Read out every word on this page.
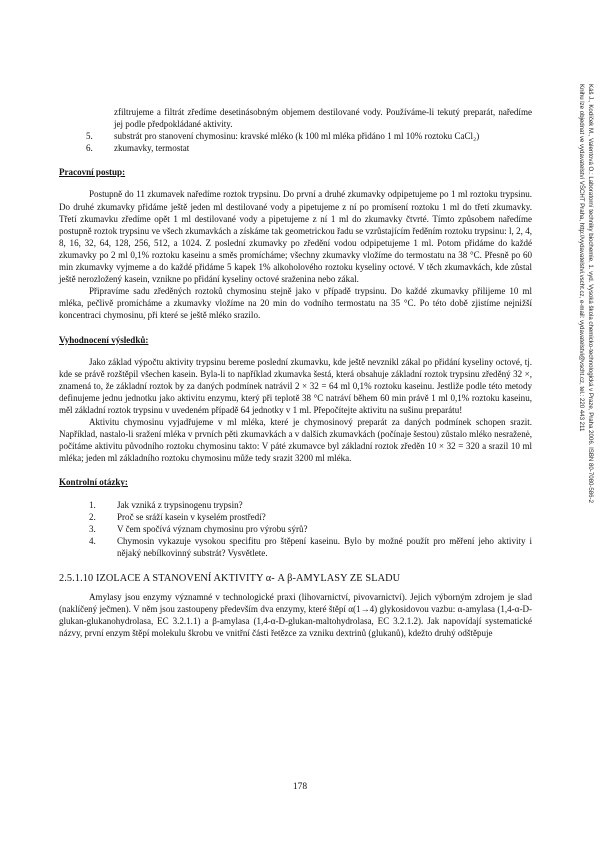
zfiltrujeme a filtrát zředíme desetinásobným objemem destilované vody. Používáme-li tekutý preparát, naředíme jej podle předpokládané aktivity.

5.	substrát pro stanovení chymosinu: kravské mléko (k 100 ml mléka přidáno 1 ml 10% roztoku CaCl₂)
6.	zkumavky, termostat
Pracovní postup:

Postupně do 11 zkumavek naředíme roztok trypsinu. Do první a druhé zkumavky odpipetujeme po 1 ml roztoku trypsinu. Do druhé zkumavky přidáme ještě jeden ml destilované vody a pipetujeme z ní po promísení roztoku 1 ml do třetí zkumavky. Třetí zkumavku zředíme opět 1 ml destilované vody a pipetujeme z ní 1 ml do zkumavky čtvrté. Tímto způsobem naředíme postupně roztok trypsinu ve všech zkumavkách a získáme tak geometrickou řadu se vzrůstajícím ředěním roztoku trypsinu: l, 2, 4, 8, 16, 32, 64, 128, 256, 512, a 1024. Z poslední zkumavky po zředění vodou odpipetujeme 1 ml. Potom přidáme do každé zkumavky po 2 ml 0,1% roztoku kaseinu a směs promícháme; všechny zkumavky vložíme do termostatu na 38 °C. Přesně po 60 min zkumavky vyjmeme a do každé přidáme 5 kapek 1% alkoholového roztoku kyseliny octové. V těch zkumavkách, kde zůstal ještě nerozložený kasein, vznikne po přidání kyseliny octové sraženina nebo zákal.

Připravíme sadu zředěných roztoků chymosinu stejně jako v případě trypsinu. Do každé zkumavky přilijeme 10 ml mléka, pečlivě promícháme a zkumavky vložíme na 20 min do vodního termostatu na 35 °C. Po této době zjistíme nejnižší koncentraci chymosinu, při které se ještě mléko srazilo.

Vyhodnocení výsledků:

Jako základ výpočtu aktivity trypsinu bereme poslední zkumavku, kde ještě nevznikl zákal po přidání kyseliny octové, tj. kde se právě rozštěpil všechen kasein. Byla-li to například zkumavka šestá, která obsahuje základní roztok trypsinu zředěný 32 ×, znamená to, že základní roztok by za daných podmínek natrávil 2 × 32 = 64 ml 0,1% roztoku kaseinu. Jestliže podle této metody definujeme jednu jednotku jako aktivitu enzymu, který při teplotě 38 °C natráví během 60 min právě 1 ml 0,1% roztoku kaseinu, měl základní roztok trypsinu v uvedeném případě 64 jednotky v 1 ml. Přepočítejte aktivitu na sušinu preparátu!

Aktivitu chymosinu vyjadřujeme v ml mléka, které je chymosinový preparát za daných podmínek schopen srazit. Například, nastalo-li sražení mléka v prvních pěti zkumavkách a v dalších zkumavkách (počínaje šestou) zůstalo mléko nesraženė, počítáme aktivitu původního roztoku chymosinu takto: V páté zkumavce byl základní roztok zředěn 10 × 32 = 320 a srazil 10 ml mléka; jeden ml základního roztoku chymosinu může tedy srazit 3200 ml mléka.

Kontrolní otázky:
1.	Jak vzniká z trypsinogenu trypsin?
2.	Proč se sráží kasein v kyselém prostředí?
3.	V čem spočívá význam chymosinu pro výrobu sýrů?
4.	Chymosin vykazuje vysokou specifitu pro štěpení kaseinu. Bylo by možné použít pro měření jeho aktivity i nějaký nebílkovinný substrát? Vysvětlete.
2.5.1.10 IZOLACE A STANOVENÍ AKTIVITY α- A β-AMYLASY ZE SLADU

Amylasy jsou enzymy významné v technologické praxi (lihovarnictví, pivovarnictví). Jejich výborným zdrojem je slad (naklíčený ječmen). V něm jsou zastoupeny především dva enzymy, které štěpí α(1→4) glykosidovou vazbu: α-amylasa (1,4-α-D-glukan-glukanohydrolasa, EC 3.2.1.1) a β-amylasa (1,4-α-D-glukan-maltohydrolasa, EC 3.2.1.2). Jak napovídají systematické názvy, první enzym štěpí molekulu škrobu ve vnitřní části řetězce za vzniku dextrinů (glukanů), kdežto druhý odštěpuje

178
Káš J., Kodíček M., Valentová O.: Laboratorní techniky biochemie. 1. vyd. Vysoká škola chemicko-technologická v Praze, Praha 2006. ISBN 80-7080-586-2
Knihu lze objednat ve vydavatelství VŠCHT Praha, http://vydavatelstvi.vscht.cz, e-mail: vydavatelstvi@vscht.cz, tel.: 220 443 211
